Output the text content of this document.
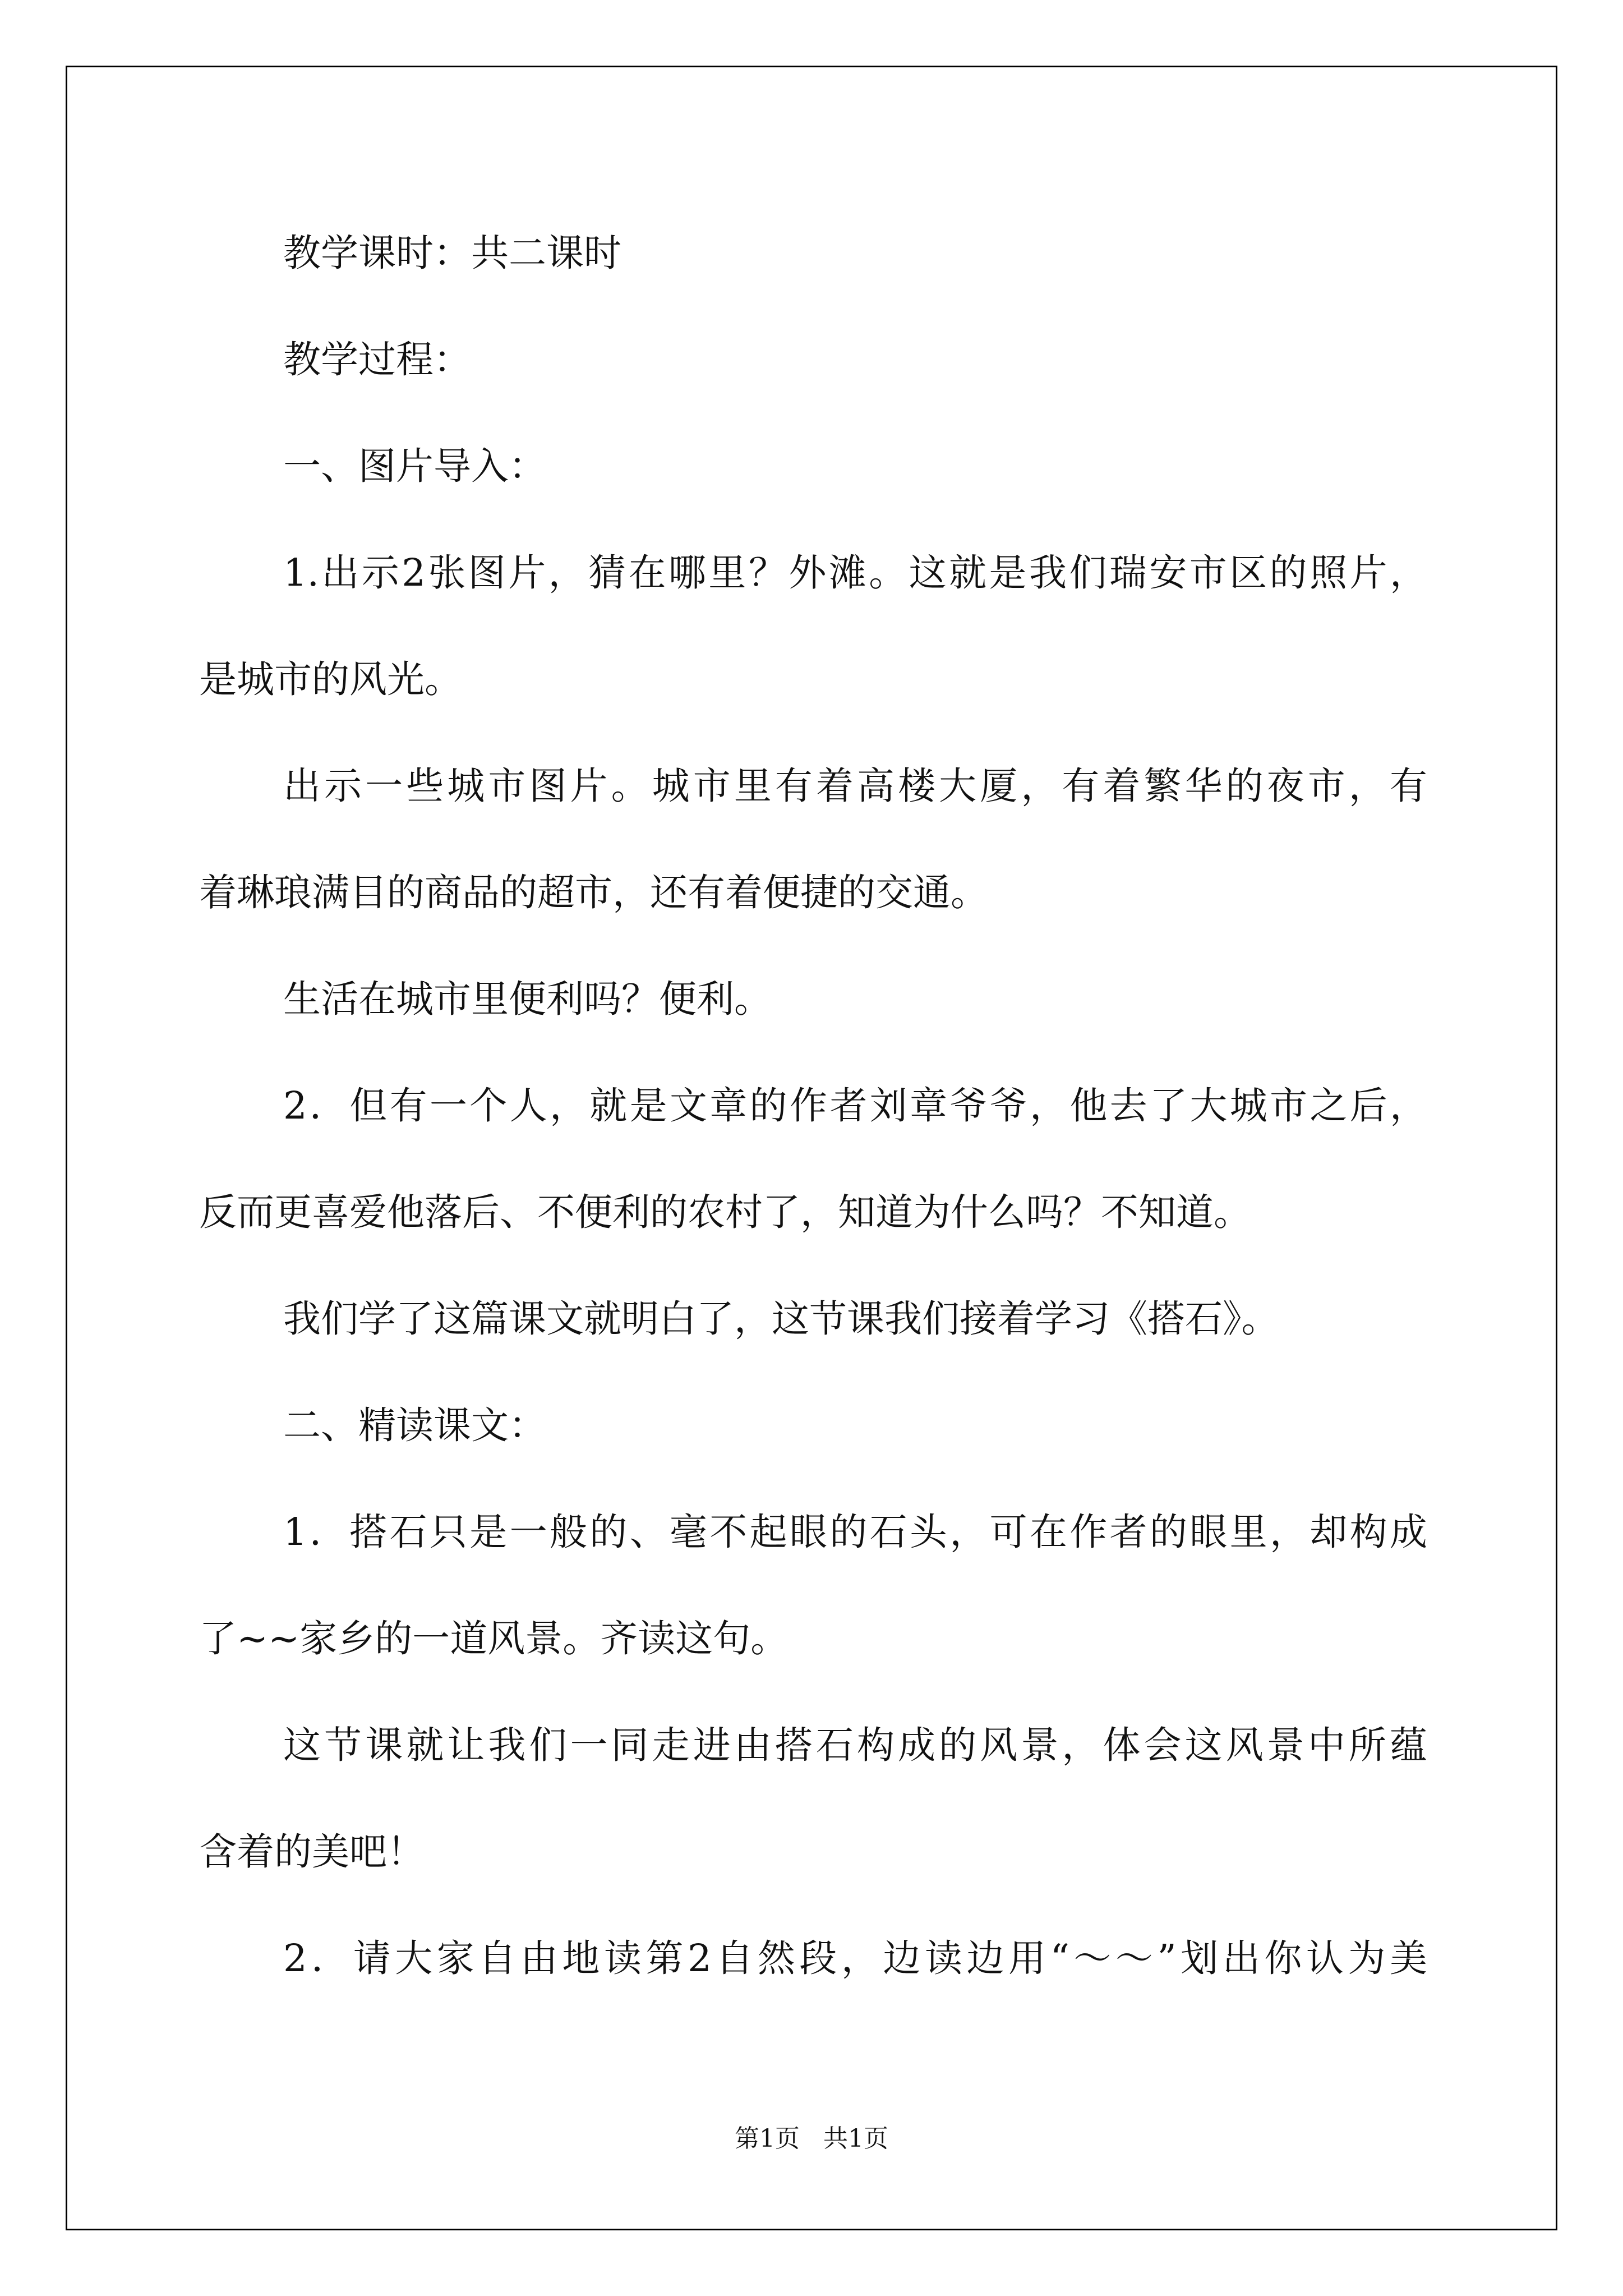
教学课时：共二课时
教学过程：
一、图片导入：
1.出示2张图片，猜在哪里？外滩。这就是我们瑞安市区的照片，
是城市的风光。
出示一些城市图片。城市里有着高楼大厦，有着繁华的夜市，有
着琳琅满目的商品的超市，还有着便捷的交通。
生活在城市里便利吗？便利。
2．但有一个人，就是文章的作者刘章爷爷，他去了大城市之后，
反而更喜爱他落后、不便利的农村了，知道为什么吗？不知道。
我们学了这篇课文就明白了，这节课我们接着学习《搭石》。
二、精读课文：
1．搭石只是一般的、毫不起眼的石头，可在作者的眼里，却构成
了~~家乡的一道风景。齐读这句。
这节课就让我们一同走进由搭石构成的风景，体会这风景中所蕴
含着的美吧！
2．请大家自由地读第2自然段，边读边用“～～”划出你认为美
第1页   共1页
